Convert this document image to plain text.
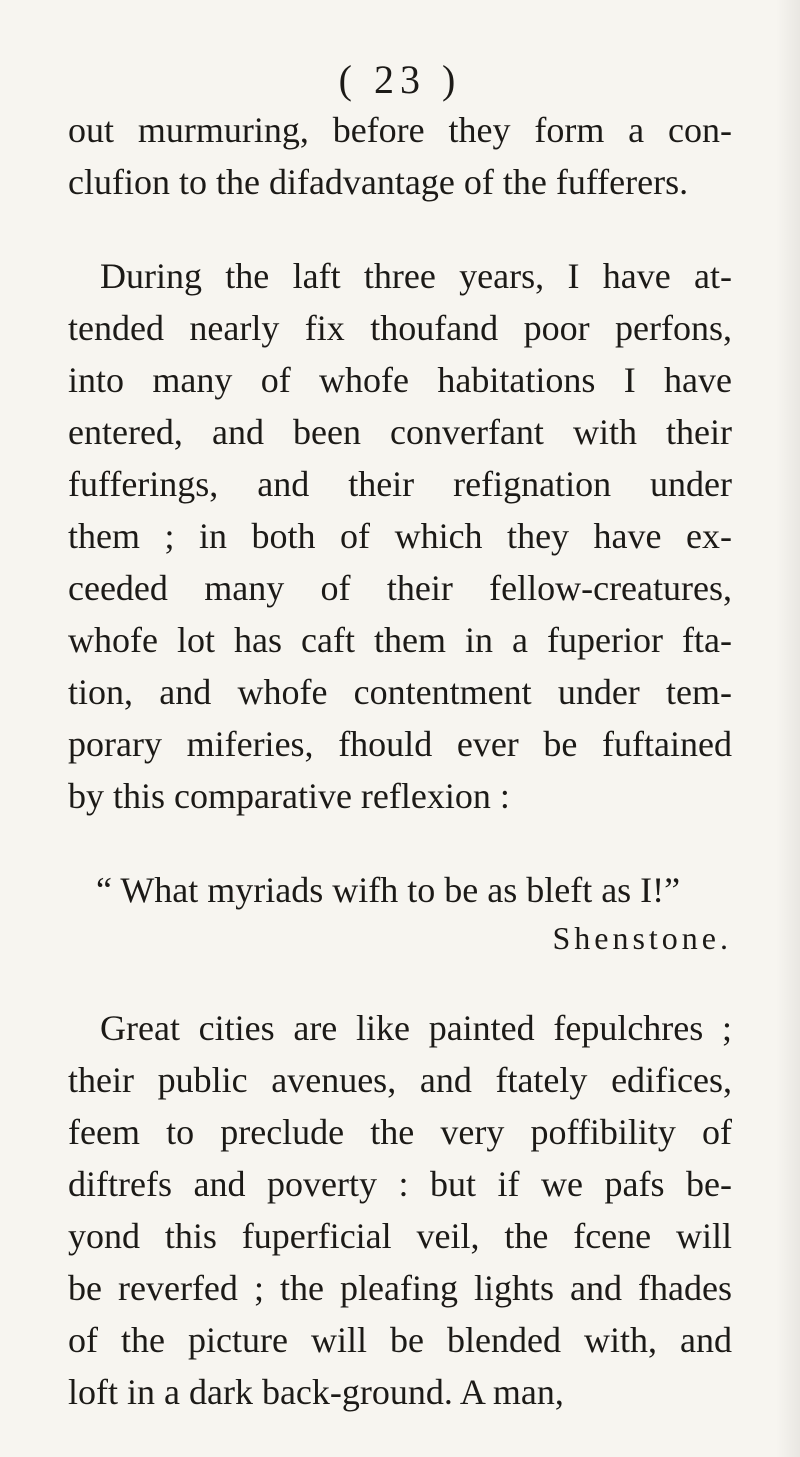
( 23 )
out murmuring, before they form a con-
clufion to the difadvantage of the fufferers.
During the laft three years, I have at-
tended nearly fix thoufand poor perfons,
into many of whofe habitations I have
entered, and been converfant with their
fufferings, and their refignation under
them ; in both of which they have ex-
ceeded many of their fellow-creatures,
whofe lot has caft them in a fuperior fta-
tion, and whofe contentment under tem-
porary miferies, fhould ever be fuftained
by this comparative reflexion :
“ What myriads wifh to be as bleft as I!”
Shenstone.
Great cities are like painted fepulchres ;
their public avenues, and ftately edifices,
feem to preclude the very poffibility of
diftrefs and poverty : but if we pafs be-
yond this fuperficial veil, the fcene will
be reverfed ; the pleafing lights and fhades
of the picture will be blended with, and
loft in a dark back-ground. A man,
